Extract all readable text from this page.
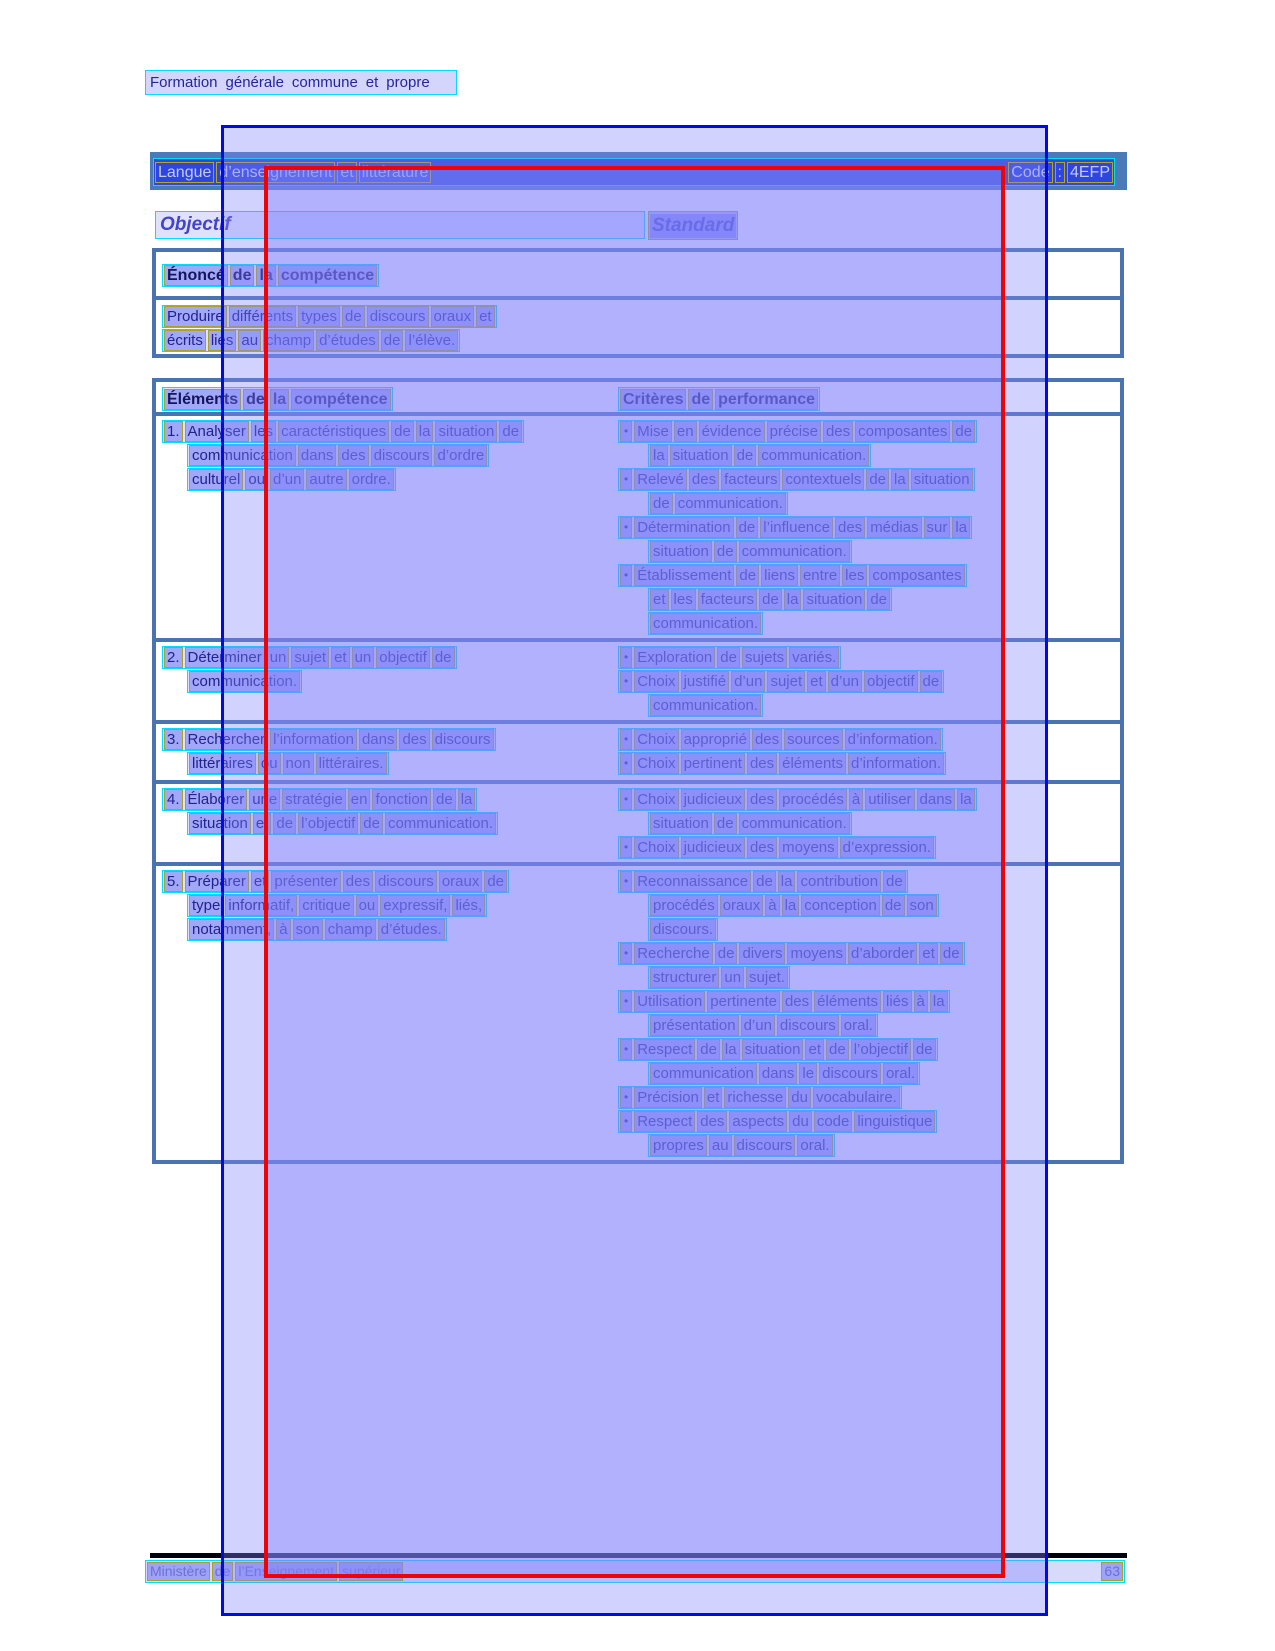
Formation générale commune et propre
Langue d’enseignement et littérature	Code : 4EFP
Objectif	Standard
Énoncé de la compétence
Produire différents types de discours oraux et
écrits liés au champ d’études de l’élève.
Éléments de la compétence	Critères de performance
1. Analyser les caractéristiques de la situation de
communication dans des discours d’ordre
culturel ou d’un autre ordre.
• Mise en évidence précise des composantes de
la situation de communication.
• Relevé des facteurs contextuels de la situation
de communication.
• Détermination de l’influence des médias sur la
situation de communication.
• Établissement de liens entre les composantes
et les facteurs de la situation de
communication.
2. Déterminer un sujet et un objectif de
communication.
• Exploration de sujets variés.
• Choix justifié d’un sujet et d’un objectif de
communication.
3. Rechercher l’information dans des discours
littéraires ou non littéraires.
• Choix approprié des sources d’information.
• Choix pertinent des éléments d’information.
4. Élaborer une stratégie en fonction de la
situation et de l’objectif de communication.
• Choix judicieux des procédés à utiliser dans la
situation de communication.
• Choix judicieux des moyens d’expression.
5. Préparer et présenter des discours oraux de
type informatif, critique ou expressif, liés,
notamment, à son champ d’études.
• Reconnaissance de la contribution de
procédés oraux à la conception de son
discours.
• Recherche de divers moyens d’aborder et de
structurer un sujet.
• Utilisation pertinente des éléments liés à la
présentation d’un discours oral.
• Respect de la situation et de l’objectif de
communication dans le discours oral.
• Précision et richesse du vocabulaire.
• Respect des aspects du code linguistique
propres au discours oral.
Ministère de l’Enseignement supérieur	63
